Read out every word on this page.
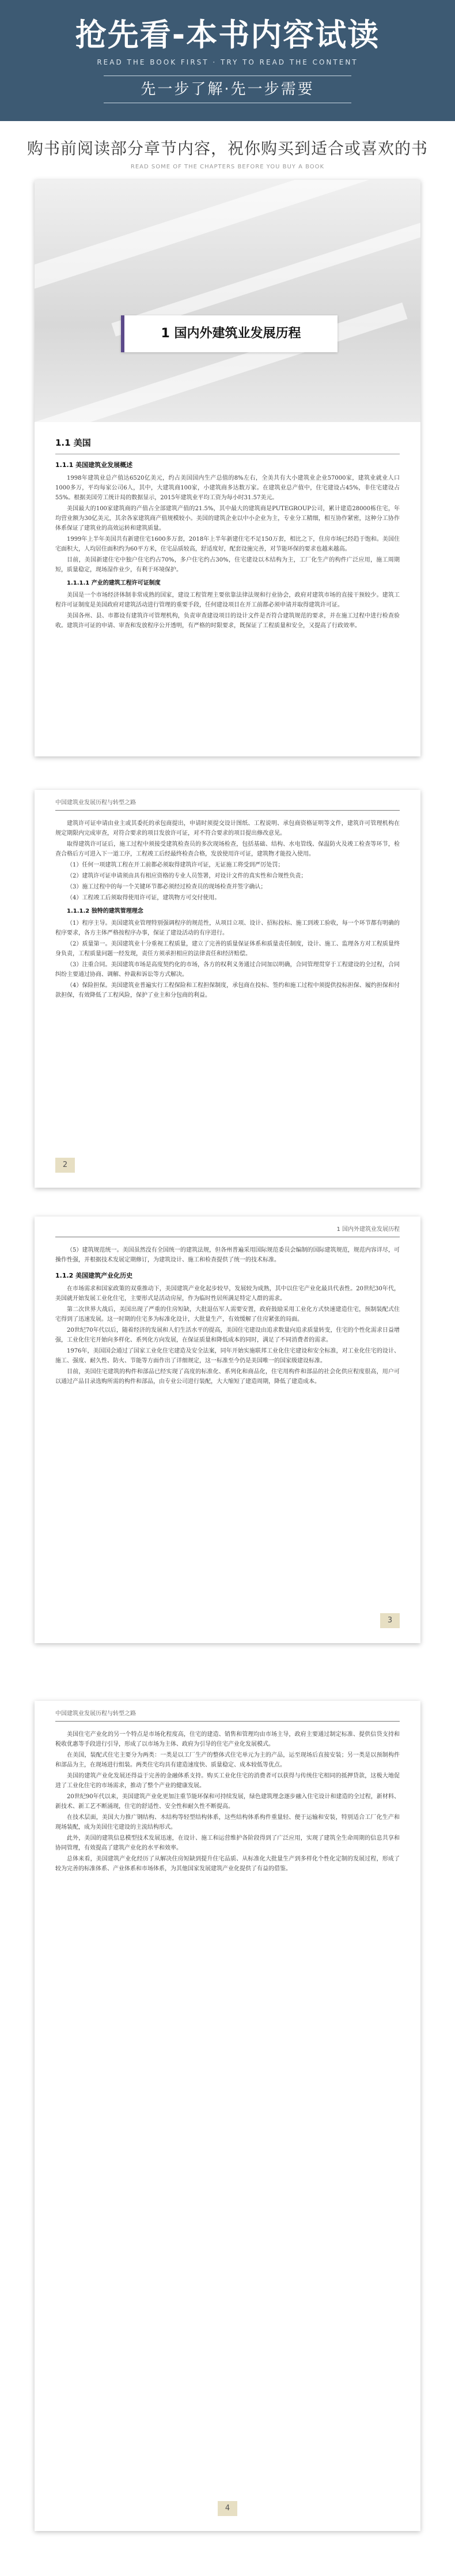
抢先看-本书内容试读
READ THE BOOK FIRST · TRY TO READ THE CONTENT
先一步了解·先一步需要
购书前阅读部分章节内容，祝你购买到适合或喜欢的书
READ SOME OF THE CHAPTERS BEFORE YOU BUY A BOOK
1 国内外建筑业发展历程
1.1 美国
1.1.1 美国建筑业发展概述

1998年建筑业总产值达6520亿美元，约占美国国内生产总值的8%左右，全美共有大小建筑业企业57000家，建筑业就业人口1000多万，平均每家公司6人，其中，大建筑商100家，小建筑商多达数万家。在建筑业总产值中，住宅建设占45%，非住宅建设占55%。根据美国劳工统计局的数据显示，2015年建筑业平均工资为每小时31.57美元。

美国最大的100家建筑商的产值占全部建筑产值的21.5%，其中最大的建筑商是PUTEGROUP公司，累计建造28000栋住宅，年均营业额为30亿美元，其余各家建筑商产值规模较小。美国的建筑企业以中小企业为主，专业分工精细，相互协作紧密，这种分工协作体系保证了建筑业的高效运转和建筑质量。

1999年上半年美国共有新建住宅1600多万套，2018年上半年新建住宅不足150万套，相比之下，住房市场已经趋于饱和。美国住宅面积大，人均居住面积约为60平方米，住宅品质较高，舒适度好，配套设施完善，对节能环保的要求也越来越高。

目前，美国新建住宅中独户住宅约占70%，多户住宅约占30%，住宅建设以木结构为主，工厂化生产的构件广泛应用，施工周期短，质量稳定，现场湿作业少，有利于环境保护。

1.1.1.1 产业的建筑工程许可证制度

美国是一个市场经济体制非常成熟的国家，建设工程管理主要依靠法律法规和行业协会，政府对建筑市场的直接干预较少。建筑工程许可证制度是美国政府对建筑活动进行管理的重要手段，任何建设项目在开工前都必须申请并取得建筑许可证。

美国各州、县、市都设有建筑许可管理机构，负责审查建设项目的设计文件是否符合建筑规范的要求，并在施工过程中进行检查验收。建筑许可证的申请、审查和发放程序公开透明，有严格的时限要求，既保证了工程质量和安全，又提高了行政效率。

中国建筑业发展历程与转型之路

建筑许可证申请由业主或其委托的承包商提出，申请时须提交设计图纸、工程说明、承包商资格证明等文件，建筑许可管理机构在规定期限内完成审查，对符合要求的项目发放许可证，对不符合要求的项目提出修改意见。

取得建筑许可证后，施工过程中须接受建筑检查员的多次现场检查，包括基础、结构、水电管线、保温防火及竣工检查等环节，检查合格后方可进入下一道工序，工程竣工后经最终检查合格，发放使用许可证，建筑物才能投入使用。

（1）任何一项建筑工程在开工前都必须取得建筑许可证，无证施工将受到严厉处罚；

（2）建筑许可证申请须由具有相应资格的专业人员签署，对设计文件的真实性和合规性负责；

（3）施工过程中的每一个关键环节都必须经过检查员的现场检查并签字确认；

（4）工程竣工后须取得使用许可证，建筑物方可交付使用。

1.1.1.2 独特的建筑管理理念

（1）程序主导。美国建筑业管理特别强调程序的规范性，从项目立项、设计、招标投标、施工到竣工验收，每一个环节都有明确的程序要求，各方主体严格按程序办事，保证了建设活动的有序进行。

（2）质量第一。美国建筑业十分重视工程质量，建立了完善的质量保证体系和质量责任制度，设计、施工、监理各方对工程质量终身负责，工程质量问题一经发现，责任方须承担相应的法律责任和经济赔偿。

（3）注重合同。美国建筑市场是高度契约化的市场，各方的权利义务通过合同加以明确，合同管理贯穿于工程建设的全过程，合同纠纷主要通过协商、调解、仲裁和诉讼等方式解决。

（4）保险担保。美国建筑业普遍实行工程保险和工程担保制度，承包商在投标、签约和施工过程中须提供投标担保、履约担保和付款担保，有效降低了工程风险，保护了业主和分包商的利益。

2
1 国内外建筑业发展历程

（5）建筑规范统一。美国虽然没有全国统一的建筑法规，但各州普遍采用国际规范委员会编制的国际建筑规范，规范内容详尽，可操作性强，并根据技术发展定期修订，为建筑设计、施工和检查提供了统一的技术标准。

1.1.2 美国建筑产业化历史

在市场需求和国家政策的双重推动下，美国建筑产业化起步较早，发展较为成熟，其中以住宅产业化最具代表性。20世纪30年代，美国就开始发展工业化住宅，主要形式是活动房屋，作为临时性居所满足特定人群的需求。

第二次世界大战后，美国出现了严重的住房短缺，大批退伍军人需要安置，政府鼓励采用工业化方式快速建造住宅，预制装配式住宅得到了迅速发展。这一时期的住宅多为标准化设计，大批量生产，有效缓解了住房紧张的局面。

20世纪70年代以后，随着经济的发展和人们生活水平的提高，美国住宅建设由追求数量向追求质量转变，住宅的个性化需求日益增强，工业化住宅开始向多样化、系列化方向发展，在保证质量和降低成本的同时，满足了不同消费者的需求。

1976年，美国国会通过了国家工业化住宅建造及安全法案，同年开始实施联邦工业化住宅建设和安全标准，对工业化住宅的设计、施工、强度、耐久性、防火、节能等方面作出了详细规定，这一标准至今仍是美国唯一的国家级建设标准。

目前，美国住宅建筑的构件和部品已经实现了高度的标准化、系列化和商品化，住宅用构件和部品的社会化供应程度很高，用户可以通过产品目录选购所需的构件和部品，由专业公司进行装配，大大缩短了建造周期，降低了建造成本。

3
中国建筑业发展历程与转型之路

美国住宅产业化的另一个特点是市场化程度高，住宅的建造、销售和管理均由市场主导，政府主要通过制定标准、提供信贷支持和税收优惠等手段进行引导，形成了以市场为主体、政府为引导的住宅产业化发展模式。

在美国，装配式住宅主要分为两类：一类是以工厂生产的整体式住宅单元为主的产品，运至现场后直接安装；另一类是以预制构件和部品为主，在现场进行组装。两类住宅均具有建造速度快、质量稳定、成本较低等优点。

美国的建筑产业化发展还得益于完善的金融体系支持。购买工业化住宅的消费者可以获得与传统住宅相同的抵押贷款，这极大地促进了工业化住宅的市场需求，推动了整个产业的健康发展。

20世纪90年代以来，美国建筑产业化更加注重节能环保和可持续发展，绿色建筑理念逐步融入住宅设计和建造的全过程，新材料、新技术、新工艺不断涌现，住宅的舒适性、安全性和耐久性不断提高。

在技术层面，美国大力推广钢结构、木结构等轻型结构体系，这些结构体系构件重量轻、便于运输和安装，特别适合工厂化生产和现场装配，成为美国住宅建设的主流结构形式。

此外，美国的建筑信息模型技术发展迅速，在设计、施工和运营维护各阶段得到了广泛应用，实现了建筑全生命周期的信息共享和协同管理，有效提高了建筑产业化的水平和效率。

总体来看，美国建筑产业化经历了从解决住房短缺到提升住宅品质、从标准化大批量生产到多样化个性化定制的发展过程，形成了较为完善的标准体系、产业体系和市场体系，为其他国家发展建筑产业化提供了有益的借鉴。

4
